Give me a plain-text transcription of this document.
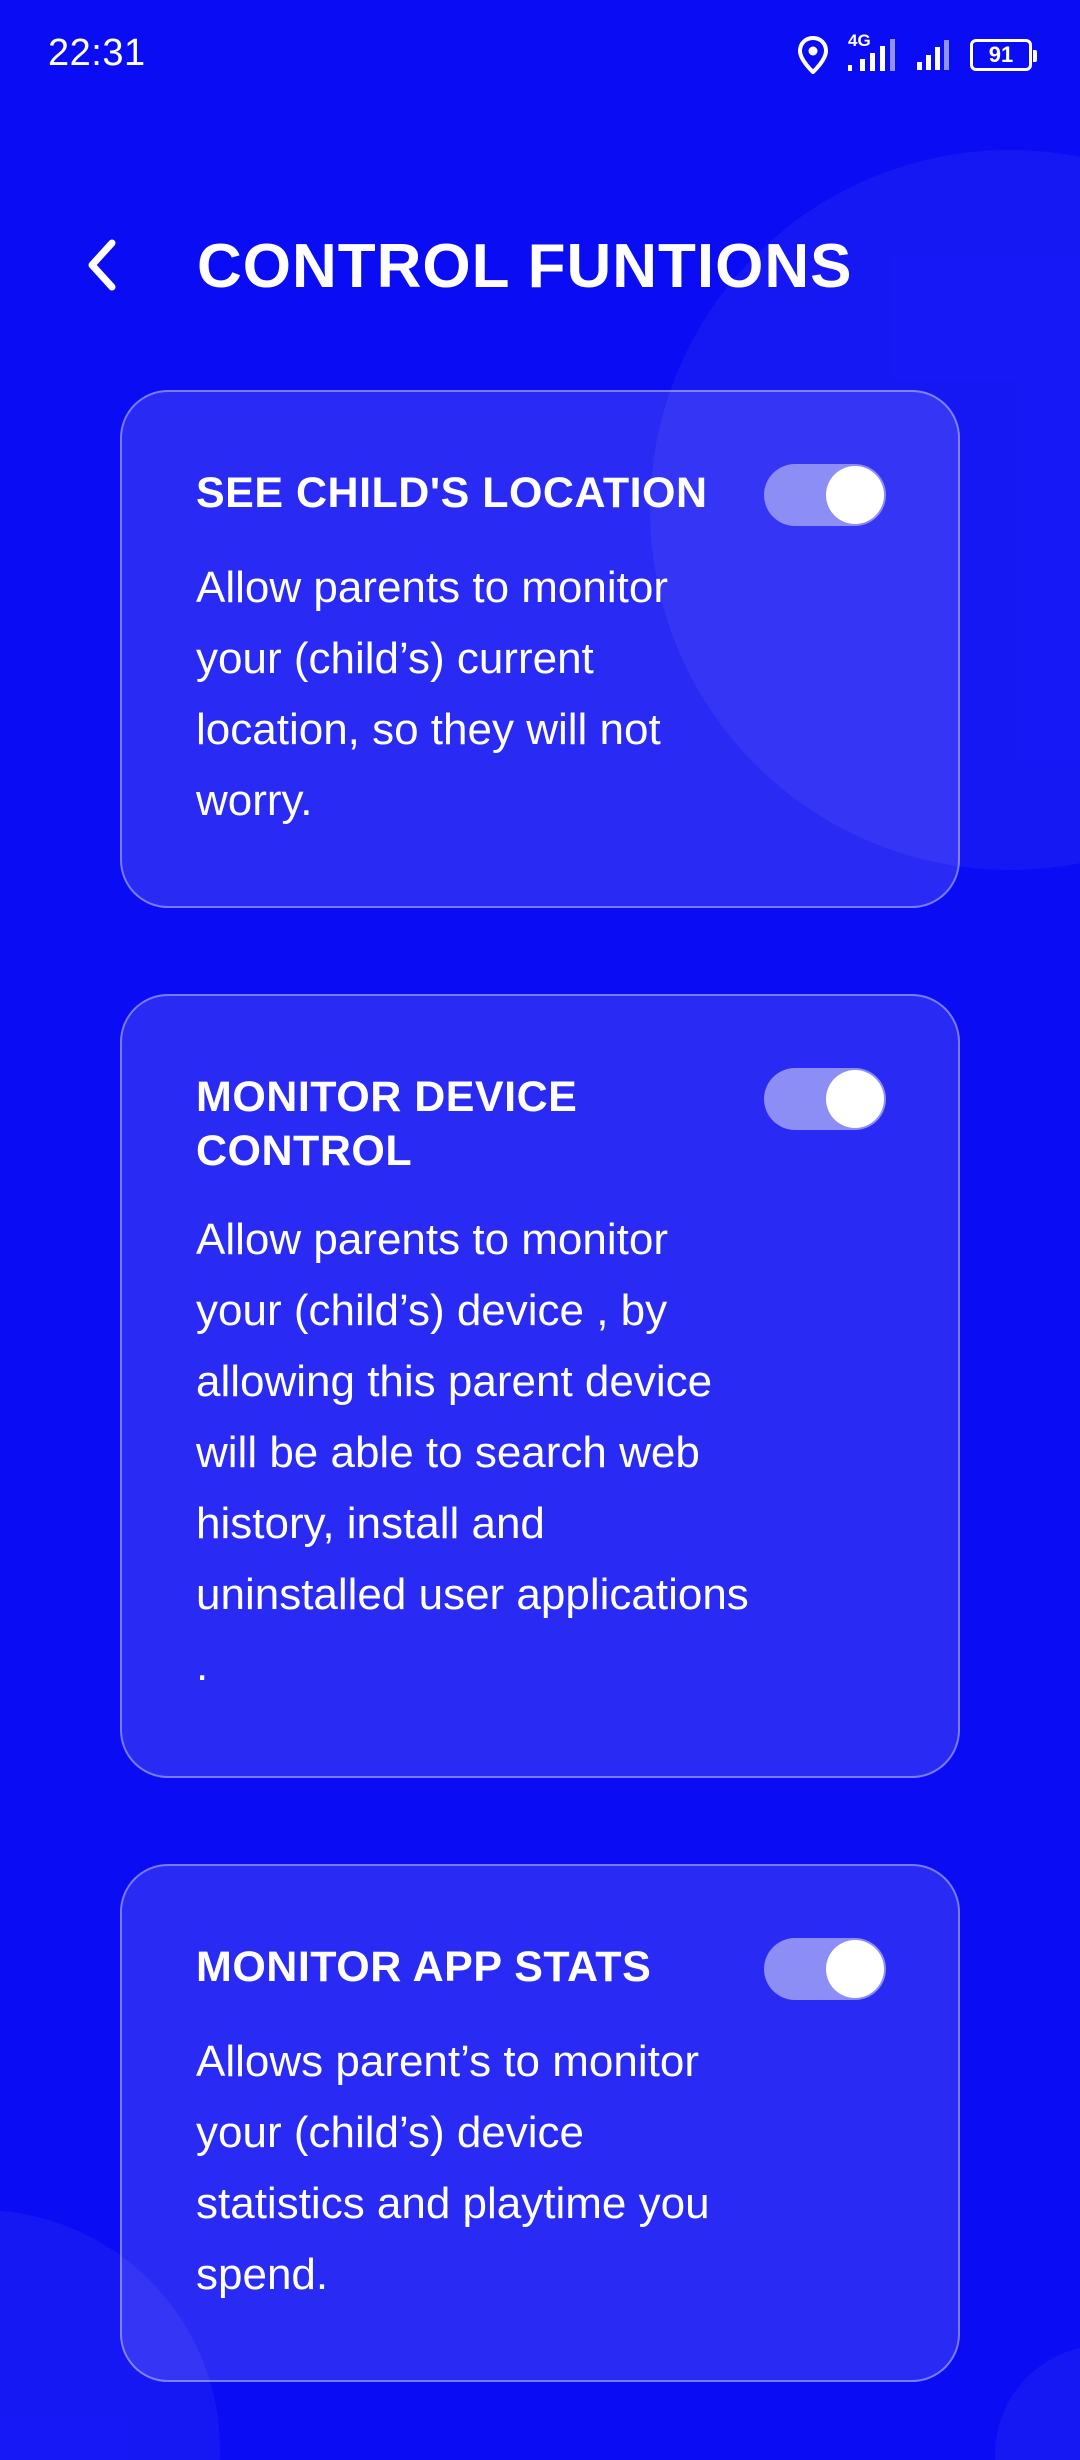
22:31	4G
91
CONTROL FUNTIONS
SEE CHILD'S LOCATION
Allow parents to monitor your (child’s) current location, so they will not worry.
MONITOR DEVICE CONTROL
Allow parents to monitor your (child’s) device , by allowing this parent device will be able to search web history, install and uninstalled user applications .
MONITOR APP STATS
Allows parent’s to monitor your (child’s) device statistics and playtime you spend.
